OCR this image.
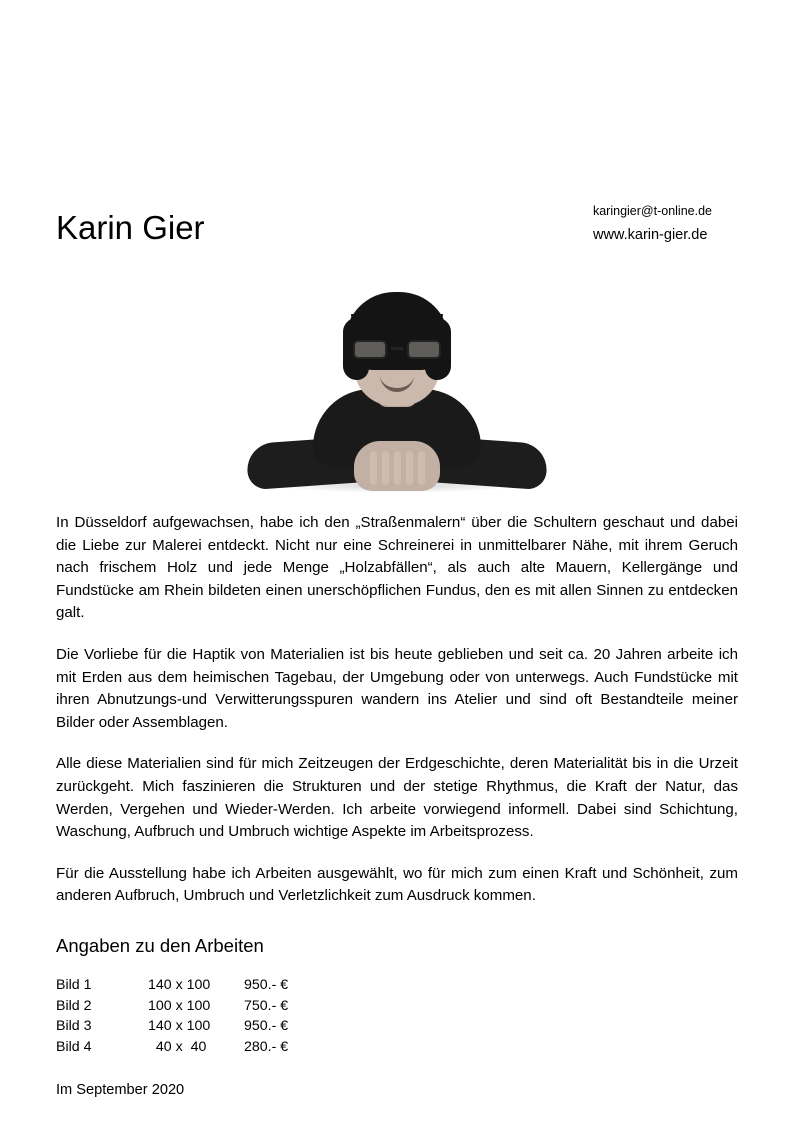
Karin Gier	karingier@t-online.de
www.karin-gier.de

In Düsseldorf aufgewachsen, habe ich den „Straßenmalern“ über die Schultern geschaut und dabei die Liebe zur Malerei entdeckt. Nicht nur eine Schreinerei in unmittelbarer Nähe, mit ihrem Geruch nach frischem Holz und jede Menge „Holzabfällen“, als auch alte Mauern, Kellergänge und Fundstücke am Rhein bildeten einen unerschöpflichen Fundus, den es mit allen Sinnen zu entdecken galt.

Die Vorliebe für die Haptik von Materialien ist bis heute geblieben und seit ca. 20 Jahren arbeite ich mit Erden aus dem heimischen Tagebau, der Umgebung oder von unterwegs. Auch Fundstücke mit ihren Abnutzungs-und Verwitterungsspuren wandern ins Atelier und sind oft Bestandteile meiner Bilder oder Assemblagen.

Alle diese Materialien sind für mich Zeitzeugen der Erdgeschichte, deren Materialität bis in die Urzeit zurückgeht. Mich faszinieren die Strukturen und der stetige Rhythmus, die Kraft der Natur, das Werden, Vergehen und Wieder-Werden. Ich arbeite vorwiegend informell. Dabei sind Schichtung, Waschung, Aufbruch und Umbruch wichtige Aspekte im Arbeitsprozess.

Für die Ausstellung habe ich Arbeiten ausgewählt, wo für mich zum einen Kraft und Schönheit, zum anderen Aufbruch, Umbruch und Verletzlichkeit zum Ausdruck kommen.

Angaben zu den Arbeiten
Bild 1	140 x 100	950.- €
Bild 2	100 x 100	750.- €
Bild 3	140 x 100	950.- €
Bild 4	40 x  40	280.- €
Im September 2020
